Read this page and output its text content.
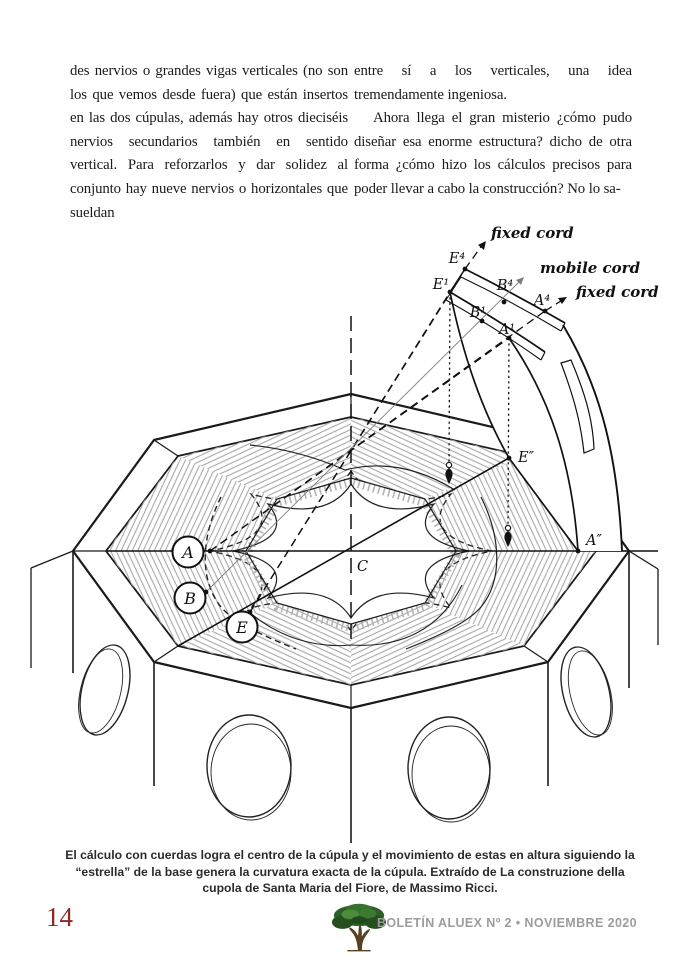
des nervios o grandes vigas verticales (no son los que vemos desde fuera) que están insertos en las dos cúpulas, además hay otros dieciséis nervios secundarios también en sentido vertical. Para reforzarlos y dar solidez al conjunto hay nueve nervios o horizontales que sueldan

entre sí a los verticales, una idea tremendamente ingeniosa.

Ahora llega el gran misterio ¿cómo pudo diseñar esa enorme estructura? dicho de otra forma ¿cómo hizo los cálculos precisos para poder llevar a cabo la construcción? No lo sa-

A
B
E
E⁴
E¹	B⁴
B¹
A⁴
A¹
E″
A″
C
fixed cord
mobile cord
fixed cord
El cálculo con cuerdas logra el centro de la cúpula y el movimiento de estas en altura siguiendo la “estrella” de la base genera la curvatura exacta de la cúpula. Extraído de La construzione della cupola de Santa Maria del Fiore, de Massimo Ricci.
14	BOLETÍN ALUEX Nº 2 • NOVIEMBRE 2020
